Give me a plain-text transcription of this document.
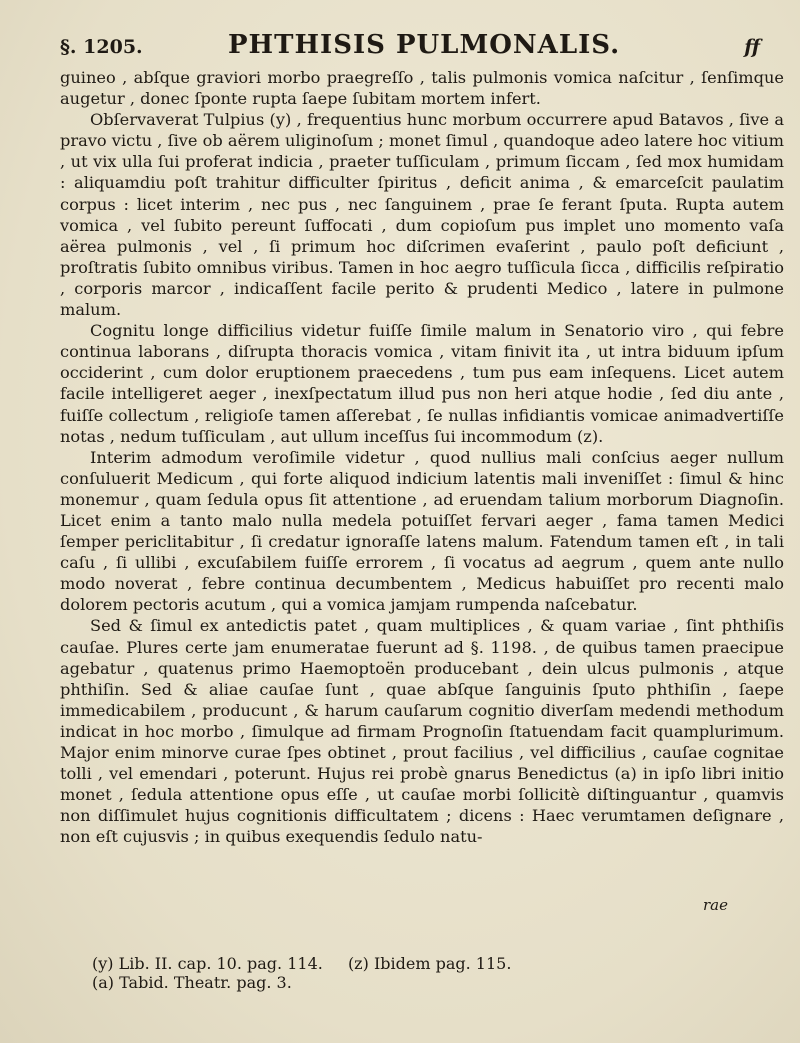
§. 1205.	PHTHISIS PULMONALIS.	ff

guineo , abſque graviori morbo praegreſſo , talis pulmonis vomica naſcitur , ſenſimque augetur , donec ſponte rupta ſaepe ſubitam mortem infert.

Obſervaverat Tulpius (y) , frequentius hunc morbum occurrere apud Batavos , ſive a pravo victu , ſive ob aërem uliginoſum ; monet ſimul , quandoque adeo latere hoc vitium , ut vix ulla ſui proferat indicia , praeter tuſſiculam , primum ſiccam , ſed mox humidam : aliquamdiu poſt trahitur difficulter ſpiritus , deficit anima , & emarceſcit paulatim corpus : licet interim , nec pus , nec ſanguinem , prae ſe ferant ſputa. Rupta autem vomica , vel ſubito pereunt ſuffocati , dum copioſum pus implet uno momento vaſa aërea pulmonis , vel , ſi primum hoc diſcrimen evaſerint , paulo poſt deficiunt , proſtratis ſubito omnibus viribus. Tamen in hoc aegro tuſſicula ſicca , difficilis reſpiratio , corporis marcor , indicaſſent facile perito & prudenti Medico , latere in pulmone malum.

Cognitu longe difficilius videtur fuiſſe ſimile malum in Senatorio viro , qui febre continua laborans , diſrupta thoracis vomica , vitam finivit ita , ut intra biduum ipſum occiderint , cum dolor eruptionem praecedens , tum pus eam inſequens. Licet autem facile intelligeret aeger , inexſpectatum illud pus non heri atque hodie , ſed diu ante , fuiſſe collectum , religioſe tamen aſſerebat , ſe nullas infidiantis vomicae animadvertiſſe notas , nedum tuſſiculam , aut ullum inceſſus ſui incommodum (z).

Interim admodum veroſimile videtur , quod nullius mali conſcius aeger nullum conſuluerit Medicum , qui forte aliquod indicium latentis mali inveniſſet : ſimul & hinc monemur , quam ſedula opus ſit attentione , ad eruendam talium morborum Diagnoſin. Licet enim a tanto malo nulla medela potuiſſet fervari aeger , fama tamen Medici ſemper periclitabitur , ſi credatur ignoraſſe latens malum. Fatendum tamen eſt , in tali caſu , ſi ullibi , excuſabilem fuiſſe errorem , ſi vocatus ad aegrum , quem ante nullo modo noverat , febre continua decumbentem , Medicus habuiſſet pro recenti malo dolorem pectoris acutum , qui a vomica jamjam rumpenda naſcebatur.

Sed & ſimul ex antedictis patet , quam multiplices , & quam variae , ſint phthiſis cauſae. Plures certe jam enumeratae fuerunt ad §. 1198. , de quibus tamen praecipue agebatur , quatenus primo Haemoptoën producebant , dein ulcus pulmonis , atque phthiſin. Sed & aliae cauſae ſunt , quae abſque ſanguinis ſputo phthiſin , ſaepe immedicabilem , producunt , & harum cauſarum cognitio diverſam medendi methodum indicat in hoc morbo , ſimulque ad firmam Prognoſin ſtatuendam facit quamplurimum. Major enim minorve curae ſpes obtinet , prout facilius , vel difficilius , cauſae cognitae tolli , vel emendari , poterunt. Hujus rei probè gnarus Benedictus (a) in ipſo libri initio monet , ſedula attentione opus eſſe , ut cauſae morbi ſollicitè diſtinguantur , quamvis non diſſimulet hujus cognitionis difficultatem ; dicens : Haec verumtamen deſignare , non eſt cujusvis ; in quibus exequendis ſedulo natu-

rae
(y) Lib. II. cap. 10. pag. 114. (z) Ibidem pag. 115. (a) Tabid. Theatr. pag. 3.
